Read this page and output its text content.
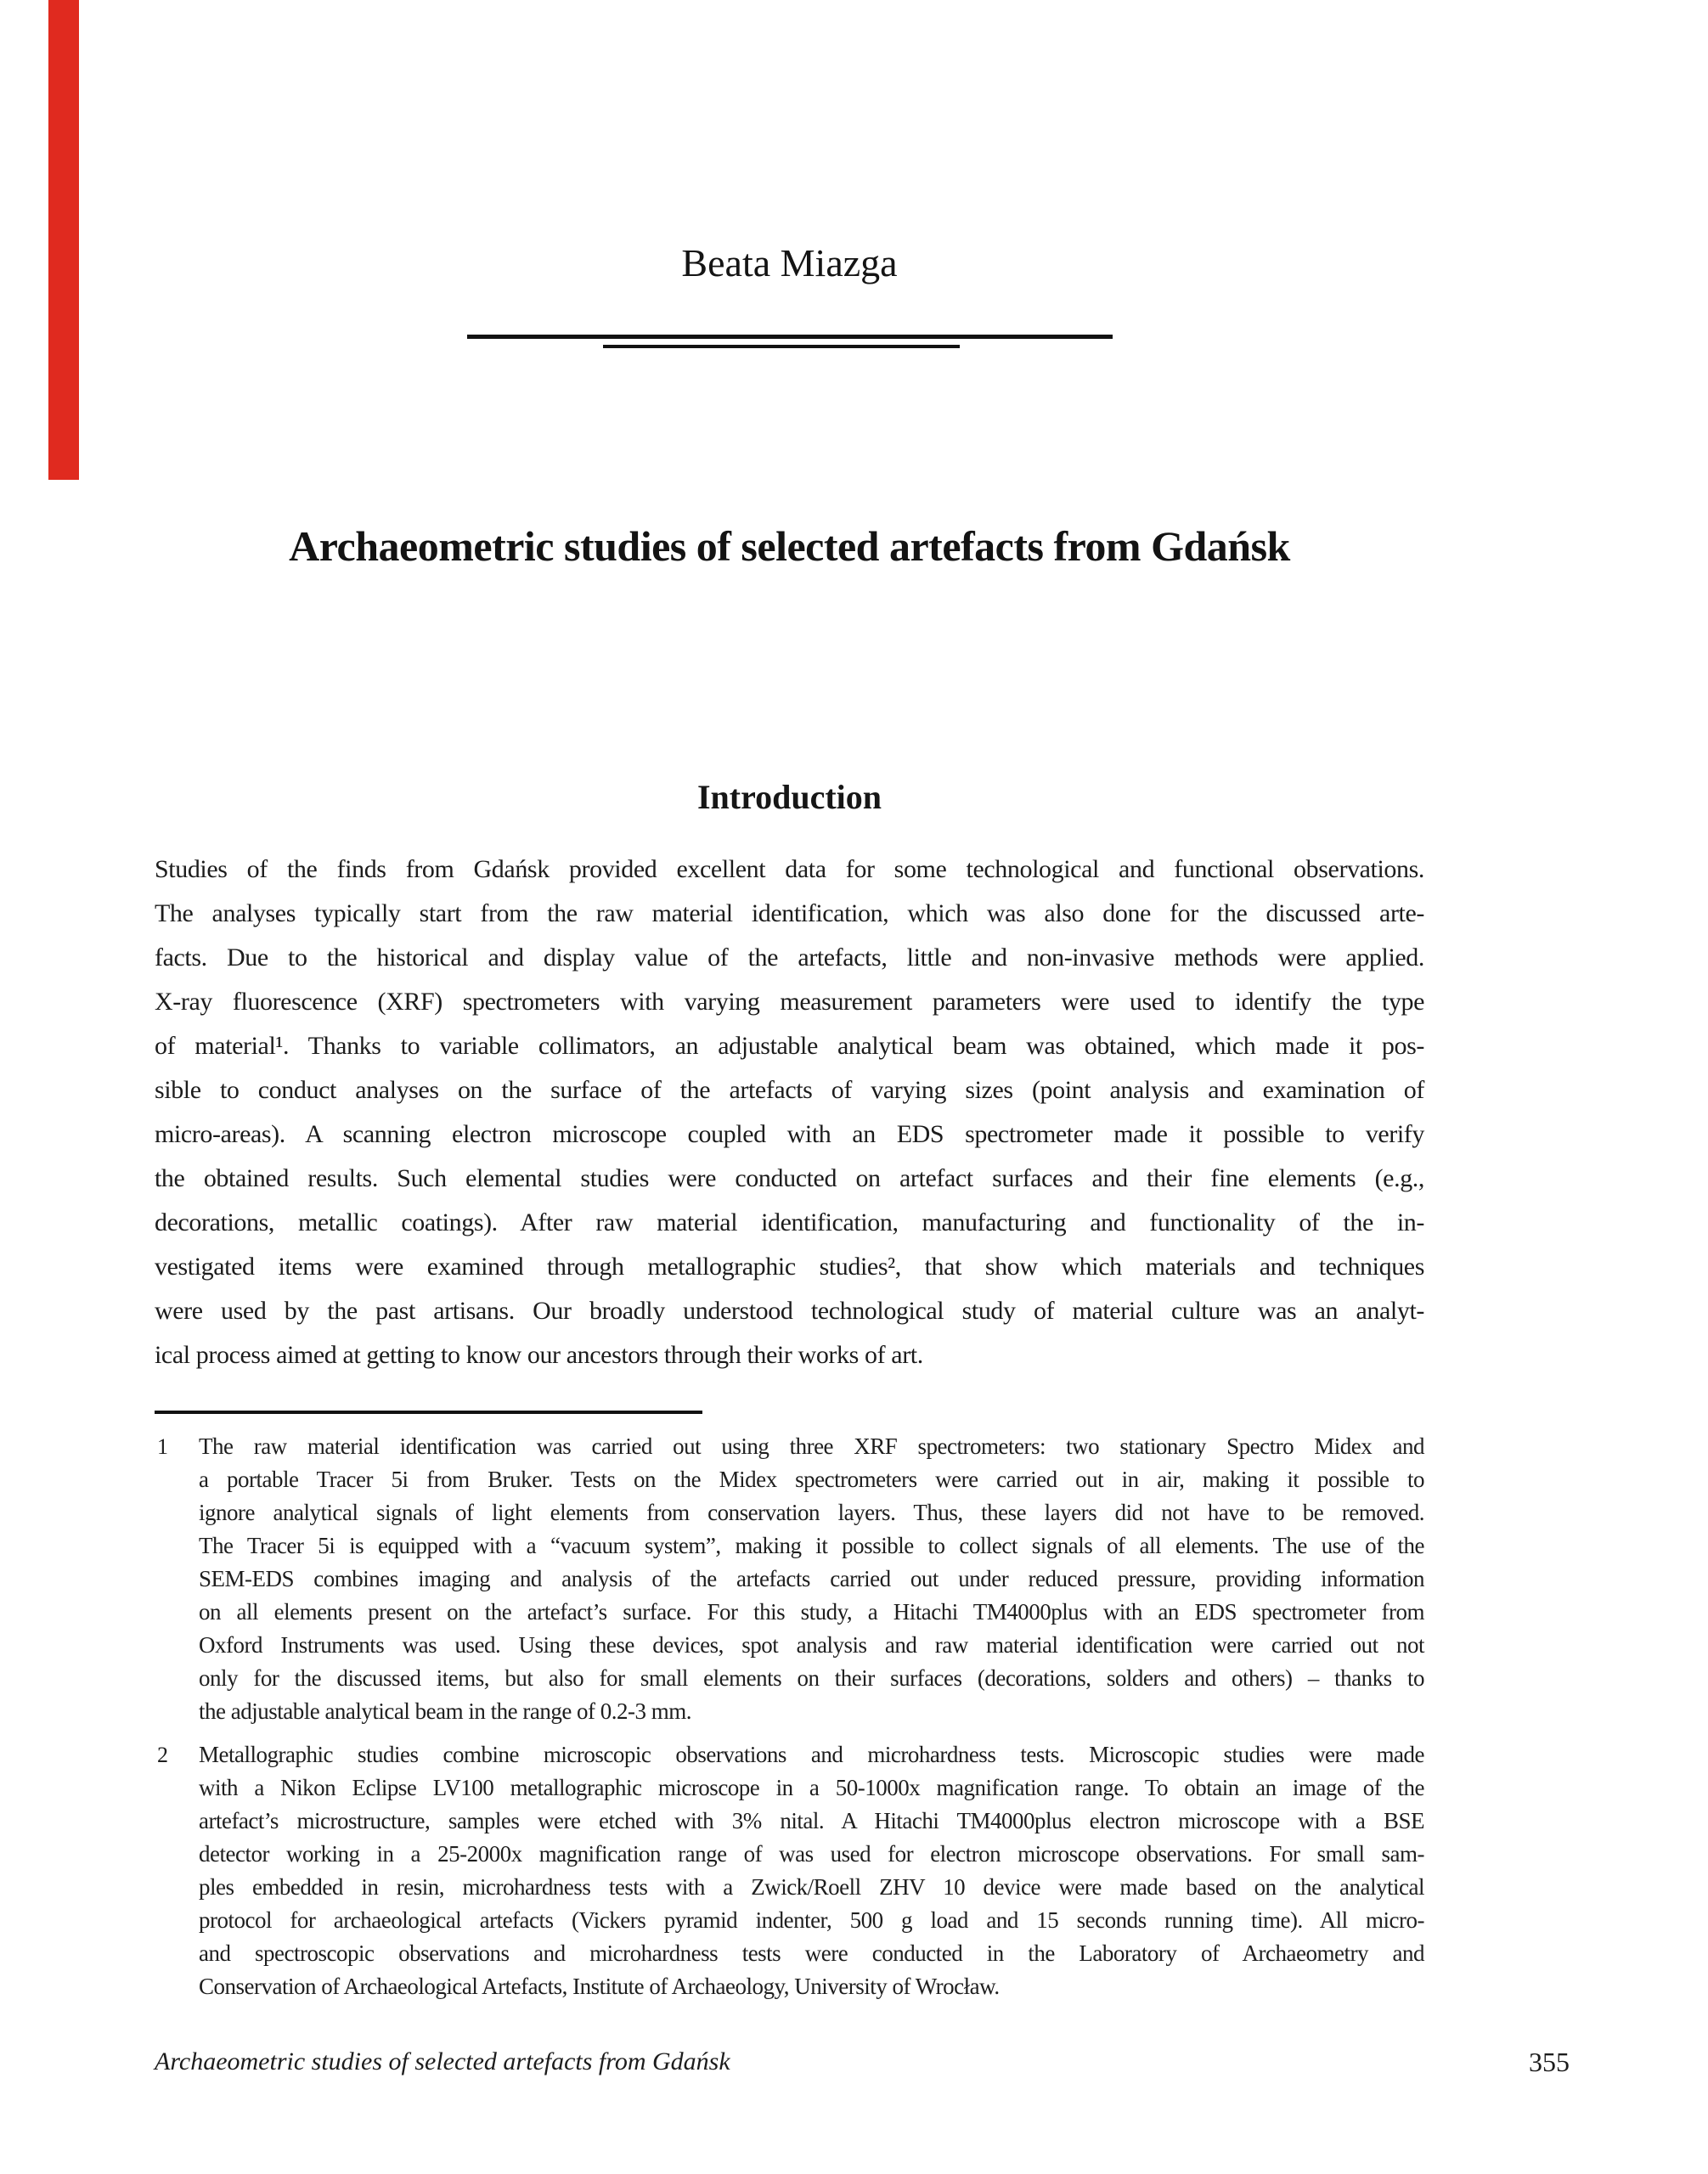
Beata Miazga
Archaeometric studies of selected artefacts from Gdańsk
Introduction
Studies of the finds from Gdańsk provided excellent data for some technological and functional observations.
The analyses typically start from the raw material identification, which was also done for the discussed arte-
facts. Due to the historical and display value of the artefacts, little and non-invasive methods were applied.
X-ray fluorescence (XRF) spectrometers with varying measurement parameters were used to identify the type
of material¹. Thanks to variable collimators, an adjustable analytical beam was obtained, which made it pos-
sible to conduct analyses on the surface of the artefacts of varying sizes (point analysis and examination of
micro-areas). A scanning electron microscope coupled with an EDS spectrometer made it possible to verify
the obtained results. Such elemental studies were conducted on artefact surfaces and their fine elements (e.g.,
decorations, metallic coatings). After raw material identification, manufacturing and functionality of the in-
vestigated items were examined through metallographic studies², that show which materials and techniques
were used by the past artisans. Our broadly understood technological study of material culture was an analyt-
ical process aimed at getting to know our ancestors through their works of art.
1 The raw material identification was carried out using three XRF spectrometers: two stationary Spectro Midex and
a portable Tracer 5i from Bruker. Tests on the Midex spectrometers were carried out in air, making it possible to
ignore analytical signals of light elements from conservation layers. Thus, these layers did not have to be removed.
The Tracer 5i is equipped with a “vacuum system”, making it possible to collect signals of all elements. The use of the
SEM-EDS combines imaging and analysis of the artefacts carried out under reduced pressure, providing information
on all elements present on the artefact’s surface. For this study, a Hitachi TM4000plus with an EDS spectrometer from
Oxford Instruments was used. Using these devices, spot analysis and raw material identification were carried out not
only for the discussed items, but also for small elements on their surfaces (decorations, solders and others) – thanks to
the adjustable analytical beam in the range of 0.2-3 mm.
2 Metallographic studies combine microscopic observations and microhardness tests. Microscopic studies were made
with a Nikon Eclipse LV100 metallographic microscope in a 50-1000x magnification range. To obtain an image of the
artefact’s microstructure, samples were etched with 3% nital. A Hitachi TM4000plus electron microscope with a BSE
detector working in a 25-2000x magnification range of was used for electron microscope observations. For small sam-
ples embedded in resin, microhardness tests with a Zwick/Roell ZHV 10 device were made based on the analytical
protocol for archaeological artefacts (Vickers pyramid indenter, 500 g load and 15 seconds running time). All micro-
and spectroscopic observations and microhardness tests were conducted in the Laboratory of Archaeometry and
Conservation of Archaeological Artefacts, Institute of Archaeology, University of Wrocław.
Archaeometric studies of selected artefacts from Gdańsk	355
